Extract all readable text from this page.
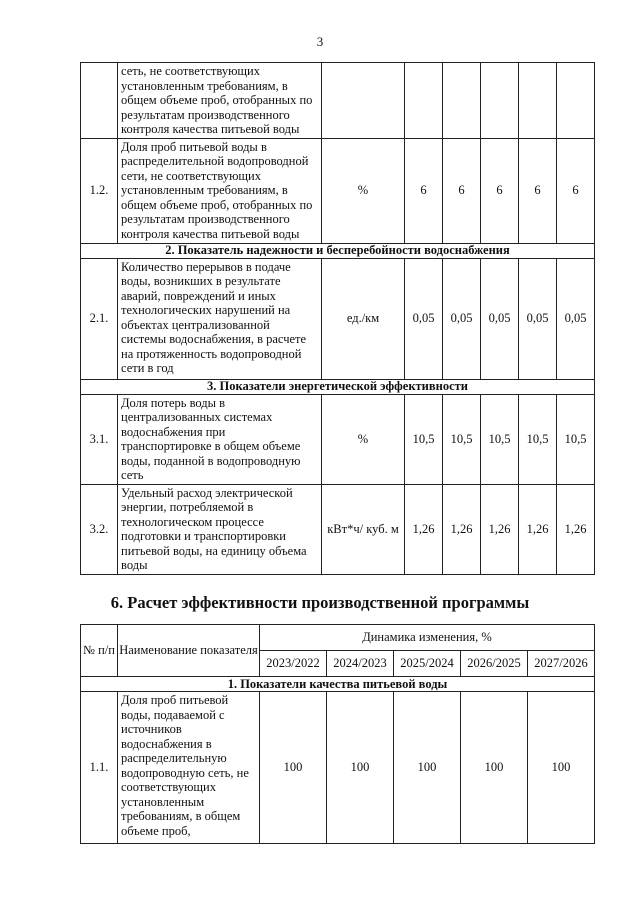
3
	сеть, не соответствующих установленным требованиям, в общем объеме проб, отобранных по результатам производственного контроля качества питьевой воды						
1.2.	Доля проб питьевой воды в распределительной водопроводной сети, не соответствующих установленным требованиям, в общем объеме проб, отобранных по результатам производственного контроля качества питьевой воды	%	6	6	6	6	6
2. Показатель надежности и бесперебойности водоснабжения							
2.1.	Количество перерывов в подаче воды, возникших в результате аварий, повреждений и иных технологических нарушений на объектах централизованной системы водоснабжения, в расчете на протяженность водопроводной сети в год	ед./км	0,05	0,05	0,05	0,05	0,05
3. Показатели энергетической эффективности							
3.1.	Доля потерь воды в централизованных системах водоснабжения при транспортировке в общем объеме воды, поданной в водопроводную сеть	%	10,5	10,5	10,5	10,5	10,5
3.2.	Удельный расход электрической энергии, потребляемой в технологическом процессе подготовки и транспортировки питьевой воды, на единицу объема воды	кВт*ч/ куб. м	1,26	1,26	1,26	1,26	1,26
6. Расчет эффективности производственной программы
№ п/п	Наименование показателя	Динамика изменения, %				
		2023/2022	2024/2023	2025/2024	2026/2025	2027/2026
1. Показатели качества питьевой воды						
1.1.	Доля проб питьевой воды, подаваемой с источников водоснабжения в распределительную водопроводную сеть, не соответствующих установленным требованиям, в общем объеме проб,	100	100	100	100	100
